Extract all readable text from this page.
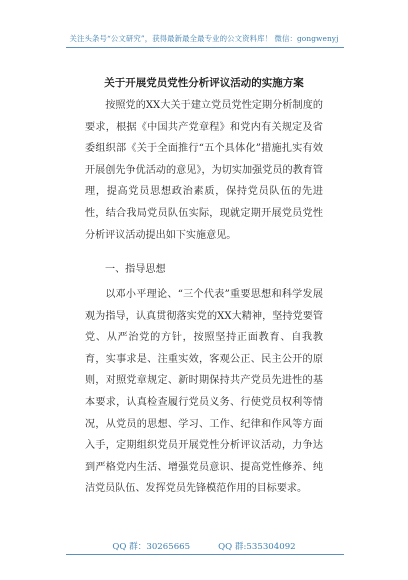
关注头条号“公文研究”，获得最新最全最专业的公文资料库！ 微信：gongwenyj
关于开展党员党性分析评议活动的实施方案

按照党的XX大关于建立党员党性定期分析制度的要求，根据《中国共产党章程》和党内有关规定及省委组织部《关于全面推行“五个具体化”措施扎实有效开展创先争优活动的意见》，为切实加强党员的教育管理，提高党员思想政治素质，保持党员队伍的先进性，结合我局党员队伍实际，现就定期开展党员党性分析评议活动提出如下实施意见。

一、指导思想

以邓小平理论、“三个代表”重要思想和科学发展观为指导，认真贯彻落实党的XX大精神，坚持党要管党、从严治党的方针，按照坚持正面教育、自我教育，实事求是、注重实效，客观公正、民主公开的原则，对照党章规定、新时期保持共产党员先进性的基本要求，认真检查履行党员义务、行使党员权利等情况，从党员的思想、学习、工作、纪律和作风等方面入手，定期组织党员开展党性分析评议活动，力争达到严格党内生活、增强党员意识、提高党性修养、纯洁党员队伍、发挥党员先锋模范作用的目标要求。

QQ 群：30265665	QQ 群:535304092
